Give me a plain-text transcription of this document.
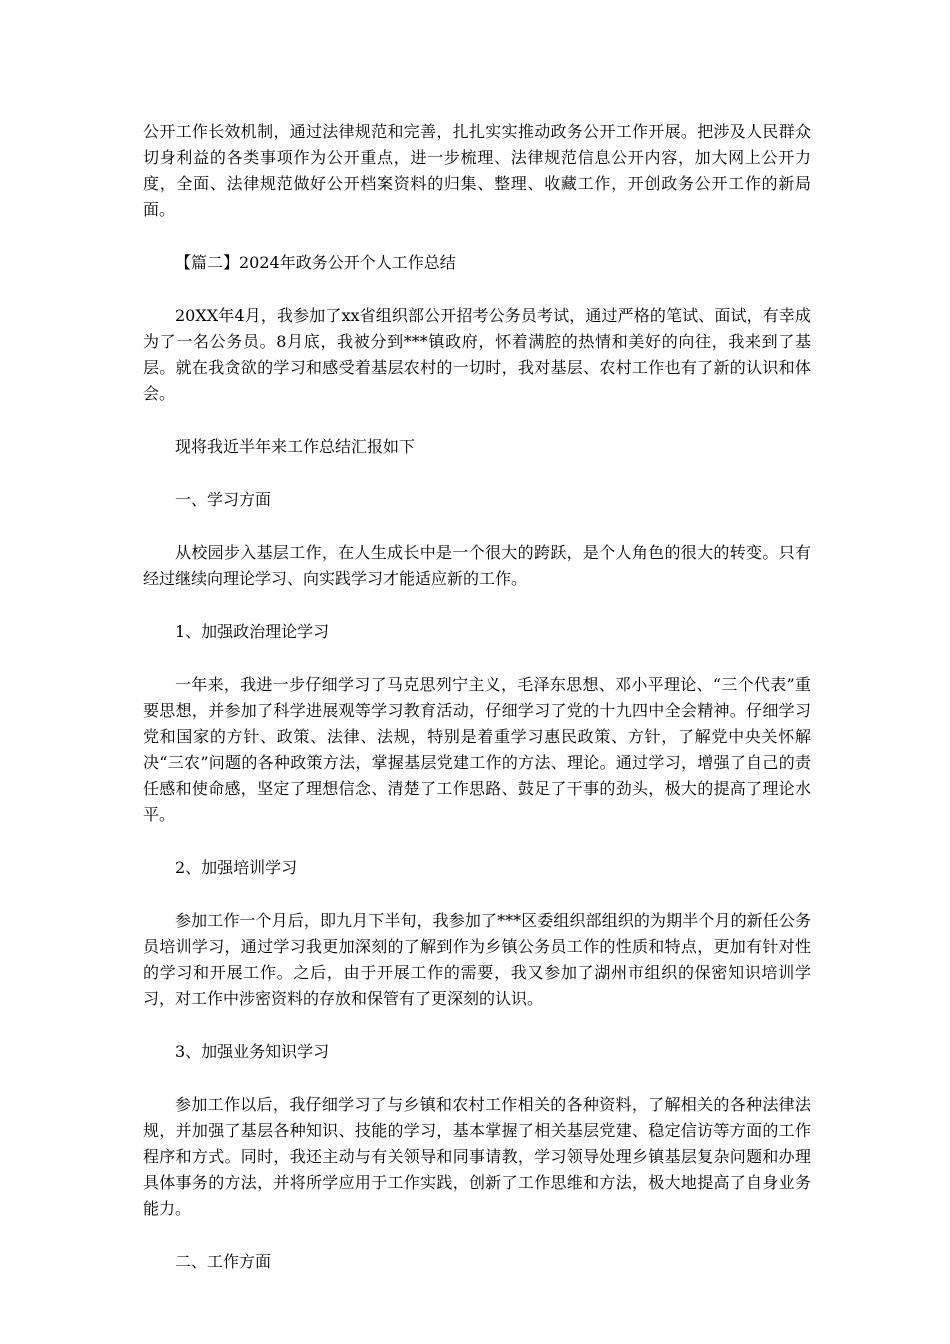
公开工作长效机制，通过法律规范和完善，扎扎实实推动政务公开工作开展。把涉及人民群众切身利益的各类事项作为公开重点，进一步梳理、法律规范信息公开内容，加大网上公开力度，全面、法律规范做好公开档案资料的归集、整理、收藏工作，开创政务公开工作的新局面。

【篇二】2024年政务公开个人工作总结

20XX年4月，我参加了xx省组织部公开招考公务员考试，通过严格的笔试、面试，有幸成为了一名公务员。8月底，我被分到***镇政府，怀着满腔的热情和美好的向往，我来到了基层。就在我贪欲的学习和感受着基层农村的一切时，我对基层、农村工作也有了新的认识和体会。

现将我近半年来工作总结汇报如下

一、学习方面

从校园步入基层工作，在人生成长中是一个很大的跨跃，是个人角色的很大的转变。只有经过继续向理论学习、向实践学习才能适应新的工作。

1、加强政治理论学习

一年来，我进一步仔细学习了马克思列宁主义，毛泽东思想、邓小平理论、“三个代表”重要思想，并参加了科学进展观等学习教育活动，仔细学习了党的十九四中全会精神。仔细学习党和国家的方针、政策、法律、法规，特别是着重学习惠民政策、方针，了解党中央关怀解决“三农”问题的各种政策方法，掌握基层党建工作的方法、理论。通过学习，增强了自己的责任感和使命感，坚定了理想信念、清楚了工作思路、鼓足了干事的劲头，极大的提高了理论水平。

2、加强培训学习

参加工作一个月后，即九月下半旬，我参加了***区委组织部组织的为期半个月的新任公务员培训学习，通过学习我更加深刻的了解到作为乡镇公务员工作的性质和特点，更加有针对性的学习和开展工作。之后，由于开展工作的需要，我又参加了湖州市组织的保密知识培训学习，对工作中涉密资料的存放和保管有了更深刻的认识。

3、加强业务知识学习

参加工作以后，我仔细学习了与乡镇和农村工作相关的各种资料，了解相关的各种法律法规，并加强了基层各种知识、技能的学习，基本掌握了相关基层党建、稳定信访等方面的工作程序和方式。同时，我还主动与有关领导和同事请教，学习领导处理乡镇基层复杂问题和办理具体事务的方法，并将所学应用于工作实践，创新了工作思维和方法，极大地提高了自身业务能力。

二、工作方面
